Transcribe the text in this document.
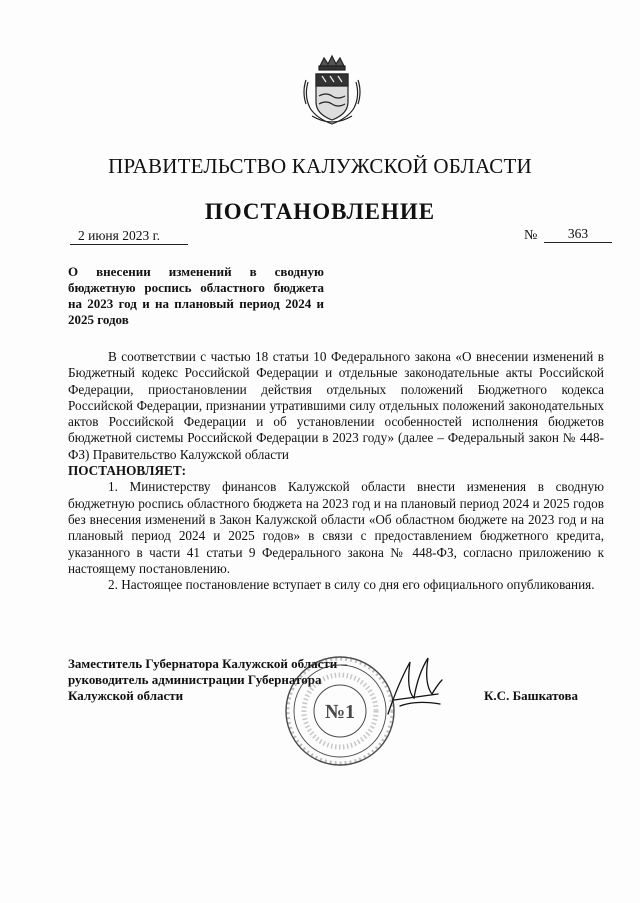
ПРАВИТЕЛЬСТВО КАЛУЖСКОЙ ОБЛАСТИ
ПОСТАНОВЛЕНИЕ
2 июня 2023 г.	№	363
О внесении изменений в сводную бюджетную роспись областного бюджета на 2023 год и на плановый период 2024 и 2025 годов

В соответствии с частью 18 статьи 10 Федерального закона «О внесении изменений в Бюджетный кодекс Российской Федерации и отдельные законодательные акты Российской Федерации, приостановлении действия отдельных положений Бюджетного кодекса Российской Федерации, признании утратившими силу отдельных положений законодательных актов Российской Федерации и об установлении особенностей исполнения бюджетов бюджетной системы Российской Федерации в 2023 году» (далее – Федеральный закон № 448-ФЗ) Правительство Калужской области

ПОСТАНОВЛЯЕТ:

1. Министерству финансов Калужской области внести изменения в сводную бюджетную роспись областного бюджета на 2023 год и на плановый период 2024 и 2025 годов без внесения изменений в Закон Калужской области «Об областном бюджете на 2023 год и на плановый период 2024 и 2025 годов» в связи с предоставлением бюджетного кредита, указанного в части 41 статьи 9 Федерального закона № 448-ФЗ, согласно приложению к настоящему постановлению.

2. Настоящее постановление вступает в силу со дня его официального опубликования.

Заместитель Губернатора Калужской области –
руководитель администрации Губернатора
Калужской области
№1
К.С. Башкатова
